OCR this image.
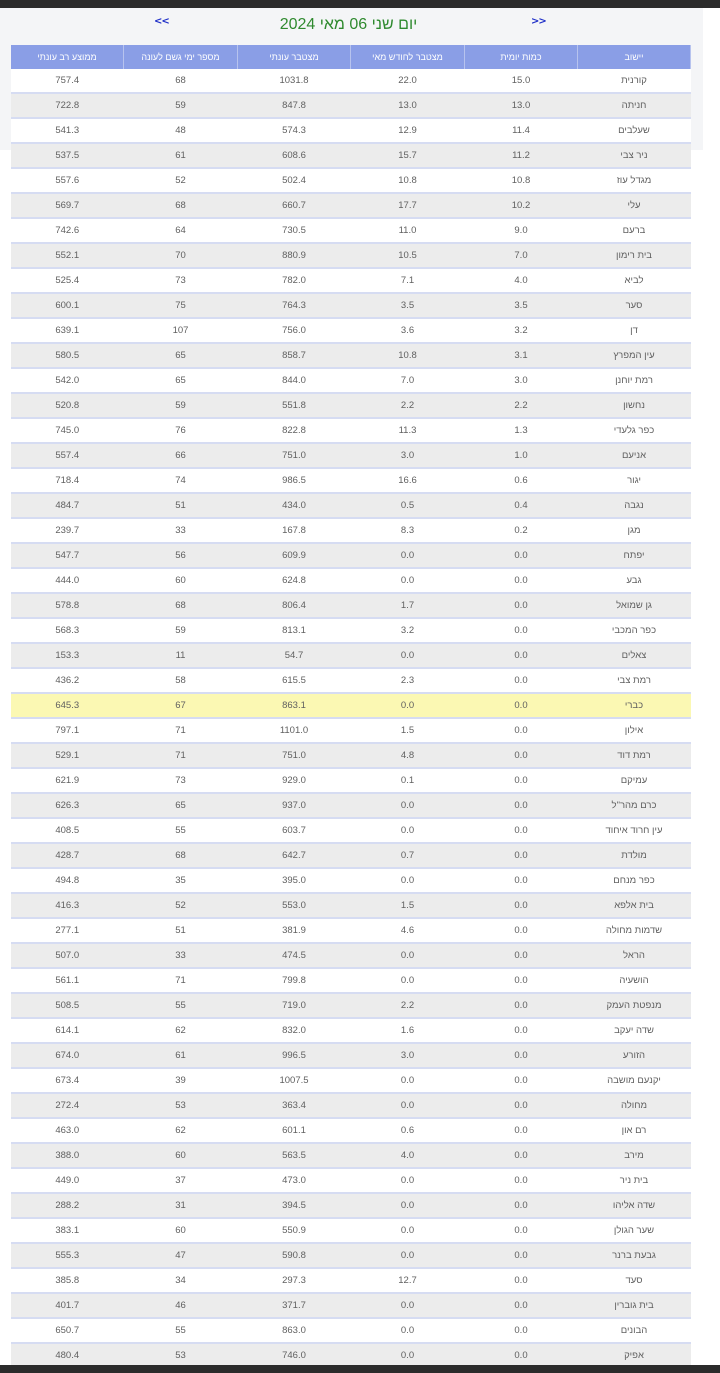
<<	יום שני 06 מאי 2024	>>
יישוב	כמות יומית	מצטבר לחודש מאי	מצטבר עונתי	מספר ימי גשם לעונה	ממוצע רב עונתי
קורנית	15.0	22.0	1031.8	68	757.4
חניתה	13.0	13.0	847.8	59	722.8
שעלבים	11.4	12.9	574.3	48	541.3
ניר צבי	11.2	15.7	608.6	61	537.5
מגדל עוז	10.8	10.8	502.4	52	557.6
עלי	10.2	17.7	660.7	68	569.7
ברעם	9.0	11.0	730.5	64	742.6
בית רימון	7.0	10.5	880.9	70	552.1
לביא	4.0	7.1	782.0	73	525.4
סער	3.5	3.5	764.3	75	600.1
דן	3.2	3.6	756.0	107	639.1
עין המפרץ	3.1	10.8	858.7	65	580.5
רמת יוחנן	3.0	7.0	844.0	65	542.0
נחשון	2.2	2.2	551.8	59	520.8
כפר גלעדי	1.3	11.3	822.8	76	745.0
אניעם	1.0	3.0	751.0	66	557.4
יגור	0.6	16.6	986.5	74	718.4
נגבה	0.4	0.5	434.0	51	484.7
מגן	0.2	8.3	167.8	33	239.7
יפתח	0.0	0.0	609.9	56	547.7
גבע	0.0	0.0	624.8	60	444.0
גן שמואל	0.0	1.7	806.4	68	578.8
כפר המכבי	0.0	3.2	813.1	59	568.3
צאלים	0.0	0.0	54.7	11	153.3
רמת צבי	0.0	2.3	615.5	58	436.2
כברי	0.0	0.0	863.1	67	645.3
אילון	0.0	1.5	1101.0	71	797.1
רמת דוד	0.0	4.8	751.0	71	529.1
עמיקם	0.0	0.1	929.0	73	621.9
כרם מהר"ל	0.0	0.0	937.0	65	626.3
עין חרוד איחוד	0.0	0.0	603.7	55	408.5
מולדת	0.0	0.7	642.7	68	428.7
כפר מנחם	0.0	0.0	395.0	35	494.8
בית אלפא	0.0	1.5	553.0	52	416.3
שדמות מחולה	0.0	4.6	381.9	51	277.1
הראל	0.0	0.0	474.5	33	507.0
הושעיה	0.0	0.0	799.8	71	561.1
מנפטת העמק	0.0	2.2	719.0	55	508.5
שדה יעקב	0.0	1.6	832.0	62	614.1
הזורע	0.0	3.0	996.5	61	674.0
יקנעם מושבה	0.0	0.0	1007.5	39	673.4
מחולה	0.0	0.0	363.4	53	272.4
רם און	0.0	0.6	601.1	62	463.0
מירב	0.0	4.0	563.5	60	388.0
בית ניר	0.0	0.0	473.0	37	449.0
שדה אליהו	0.0	0.0	394.5	31	288.2
שער הגולן	0.0	0.0	550.9	60	383.1
גבעת ברנר	0.0	0.0	590.8	47	555.3
סעד	0.0	12.7	297.3	34	385.8
בית גוברין	0.0	0.0	371.7	46	401.7
הבונים	0.0	0.0	863.0	55	650.7
אפיק	0.0	0.0	746.0	53	480.4
